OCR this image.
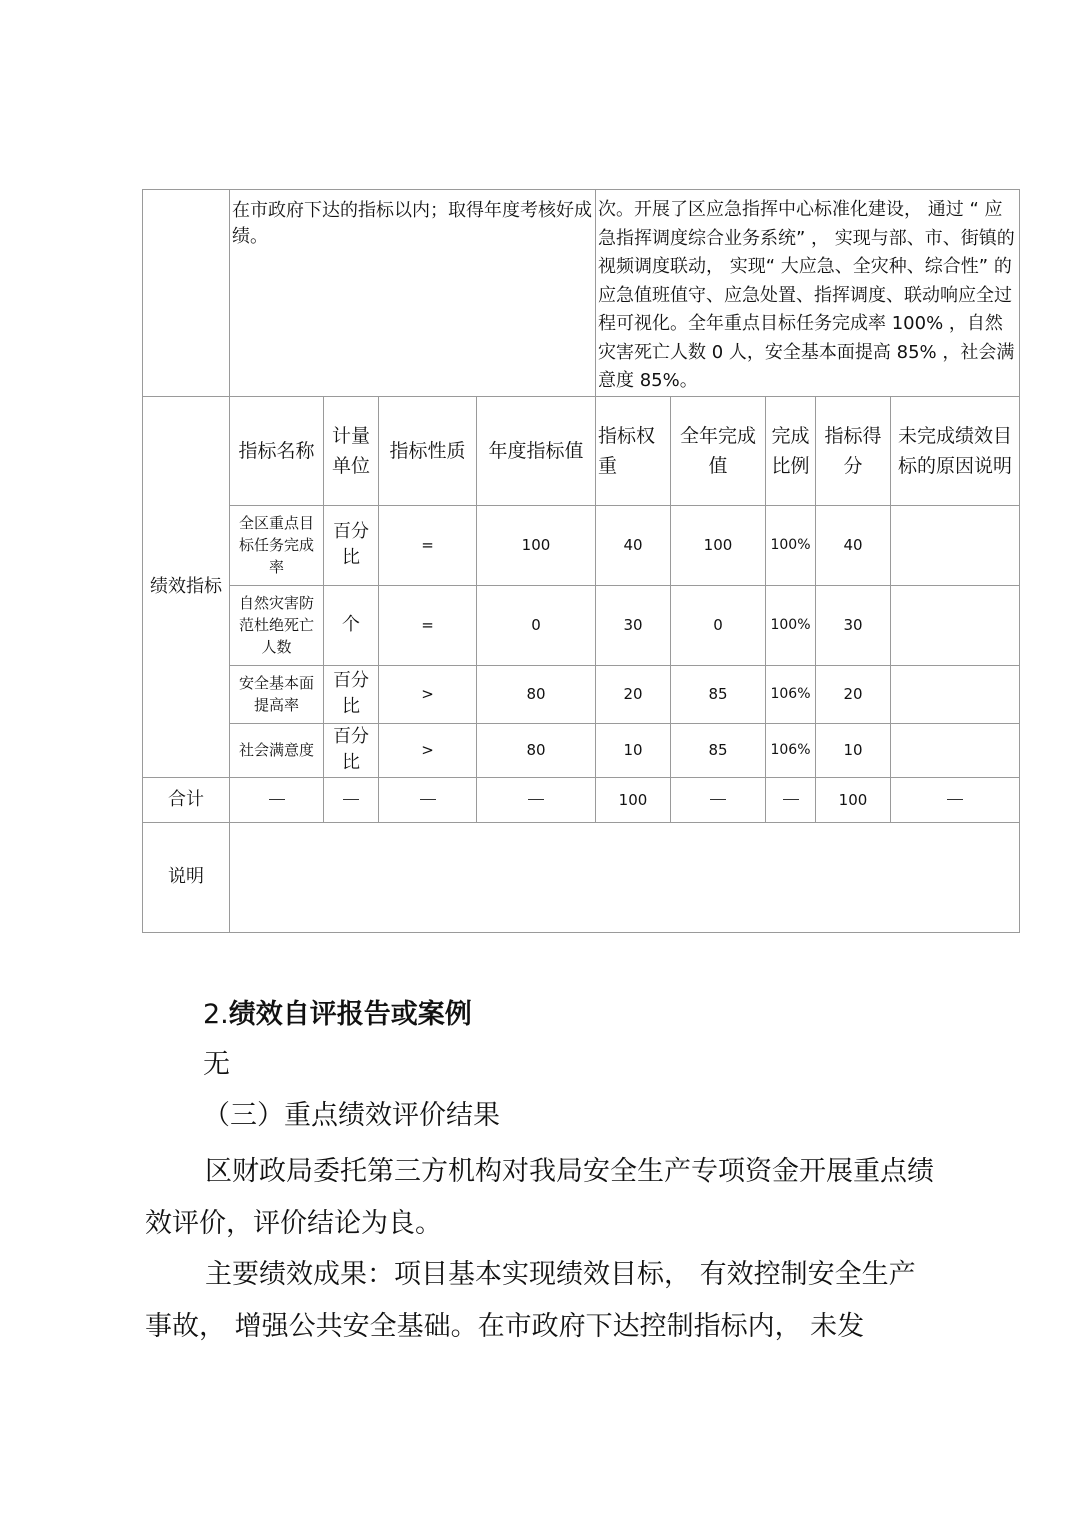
	在市政府下达的指标以内；取得年度考核好成绩。				次。开展了区应急指挥中心标准化建设， 通过 “ 应急指挥调度综合业务系统” ， 实现与部、市、街镇的视频调度联动， 实现“ 大应急、全灾种、综合性” 的应急值班值守、应急处置、指挥调度、联动响应全过程可视化。全年重点目标任务完成率 100% ，自然灾害死亡人数 0 人，安全基本面提高 85% ，社会满意度 85%。				
绩效指标	指标名称	计量单位	指标性质	年度指标值	指标权重	全年完成值	完成比例	指标得分	未完成绩效目标的原因说明
	全区重点目标任务完成率	百分比	=	100	40	100	100%	40	
	自然灾害防范杜绝死亡人数	个	=	0	30	0	100%	30	
	安全基本面提高率	百分比	>	80	20	85	106%	20	
	社会满意度	百分比	>	80	10	85	106%	10	
合计					100			100	
说明									
2.绩效自评报告或案例
无
（三）重点绩效评价结果
区财政局委托第三方机构对我局安全生产专项资金开展重点绩效评价，评价结论为良。
主要绩效成果：项目基本实现绩效目标， 有效控制安全生产事故， 增强公共安全基础。在市政府下达控制指标内， 未发
